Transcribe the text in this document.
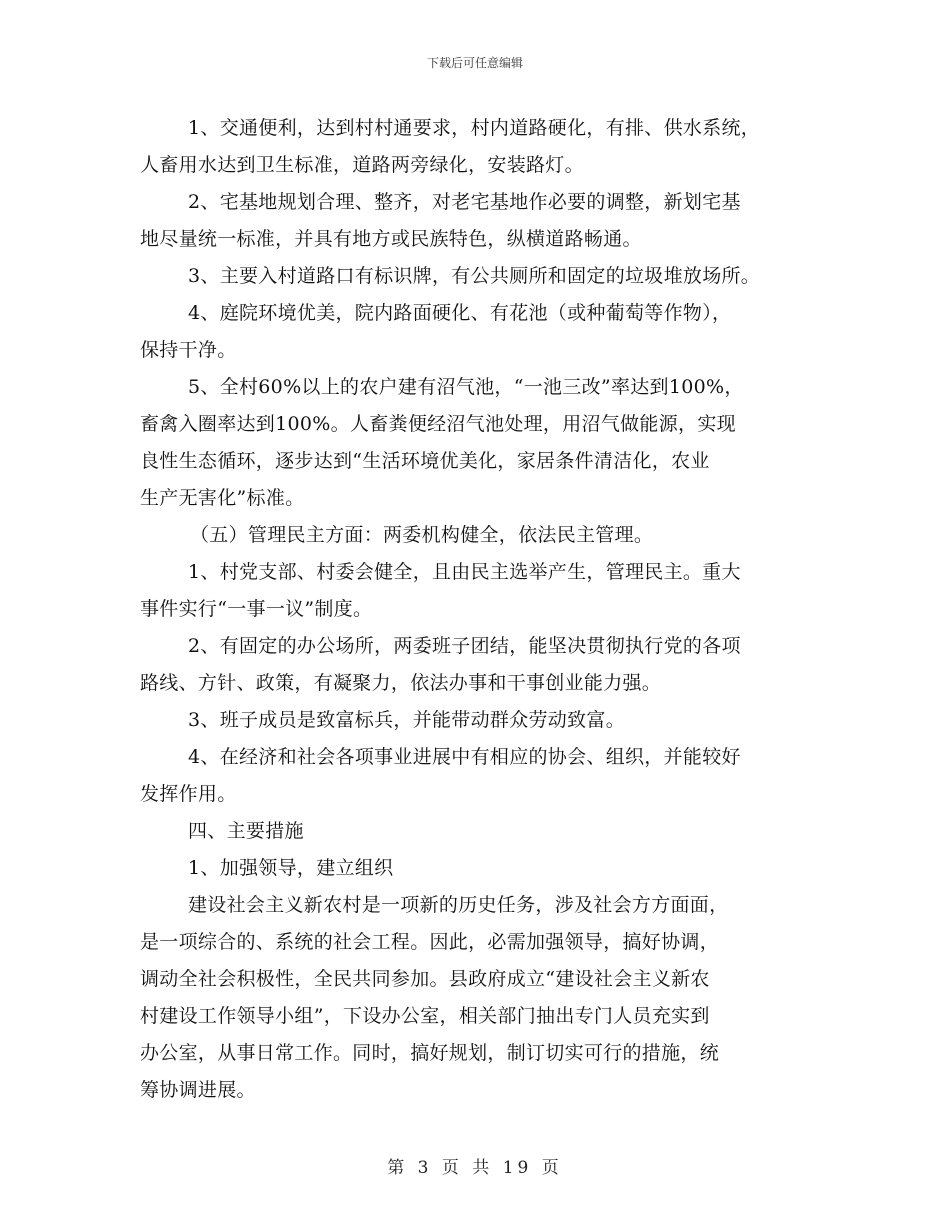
下载后可任意编辑
1、交通便利，达到村村通要求，村内道路硬化，有排、供水系统，
人畜用水达到卫生标准，道路两旁绿化，安装路灯。
2、宅基地规划合理、整齐，对老宅基地作必要的调整，新划宅基
地尽量统一标准，并具有地方或民族特色，纵横道路畅通。
3、主要入村道路口有标识牌，有公共厕所和固定的垃圾堆放场所。
4、庭院环境优美，院内路面硬化、有花池（或种葡萄等作物），
保持干净。
5、全村60%以上的农户建有沼气池，“一池三改”率达到100%，
畜禽入圈率达到100%。人畜粪便经沼气池处理，用沼气做能源，实现
良性生态循环，逐步达到“生活环境优美化，家居条件清洁化，农业
生产无害化”标准。
（五）管理民主方面：两委机构健全，依法民主管理。
1、村党支部、村委会健全，且由民主选举产生，管理民主。重大
事件实行“一事一议”制度。
2、有固定的办公场所，两委班子团结，能坚决贯彻执行党的各项
路线、方针、政策，有凝聚力，依法办事和干事创业能力强。
3、班子成员是致富标兵，并能带动群众劳动致富。
4、在经济和社会各项事业进展中有相应的协会、组织，并能较好
发挥作用。
四、主要措施
1、加强领导，建立组织
建设社会主义新农村是一项新的历史任务，涉及社会方方面面，
是一项综合的、系统的社会工程。因此，必需加强领导，搞好协调，
调动全社会积极性，全民共同参加。县政府成立“建设社会主义新农
村建设工作领导小组”，下设办公室，相关部门抽出专门人员充实到
办公室，从事日常工作。同时，搞好规划，制订切实可行的措施，统
筹协调进展。
第 3 页 共 19 页
